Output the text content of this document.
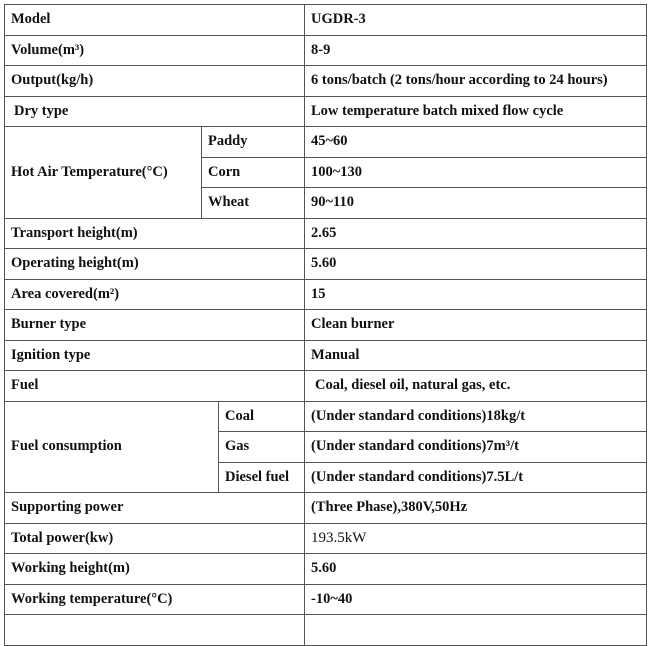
Model			UGDR-3
Volume(m³)			8-9
Output(kg/h)			6 tons/batch (2 tons/hour according to 24 hours)
Dry type			Low temperature batch mixed flow cycle
Hot Air Temperature(°C)	Paddy		45~60
	Corn		100~130
	Wheat		90~110
Transport height(m)			2.65
Operating height(m)			5.60
Area covered(m²)			15
Burner type			Clean burner
Ignition type			Manual
Fuel			Coal, diesel oil, natural gas, etc.
Fuel consumption		Coal	(Under standard conditions)18kg/t
		Gas	(Under standard conditions)7m³/t
		Diesel fuel	(Under standard conditions)7.5L/t
Supporting power			(Three Phase),380V,50Hz
Total power(kw)			193.5kW
Working height(m)			5.60
Working temperature(°C)			-10~40
